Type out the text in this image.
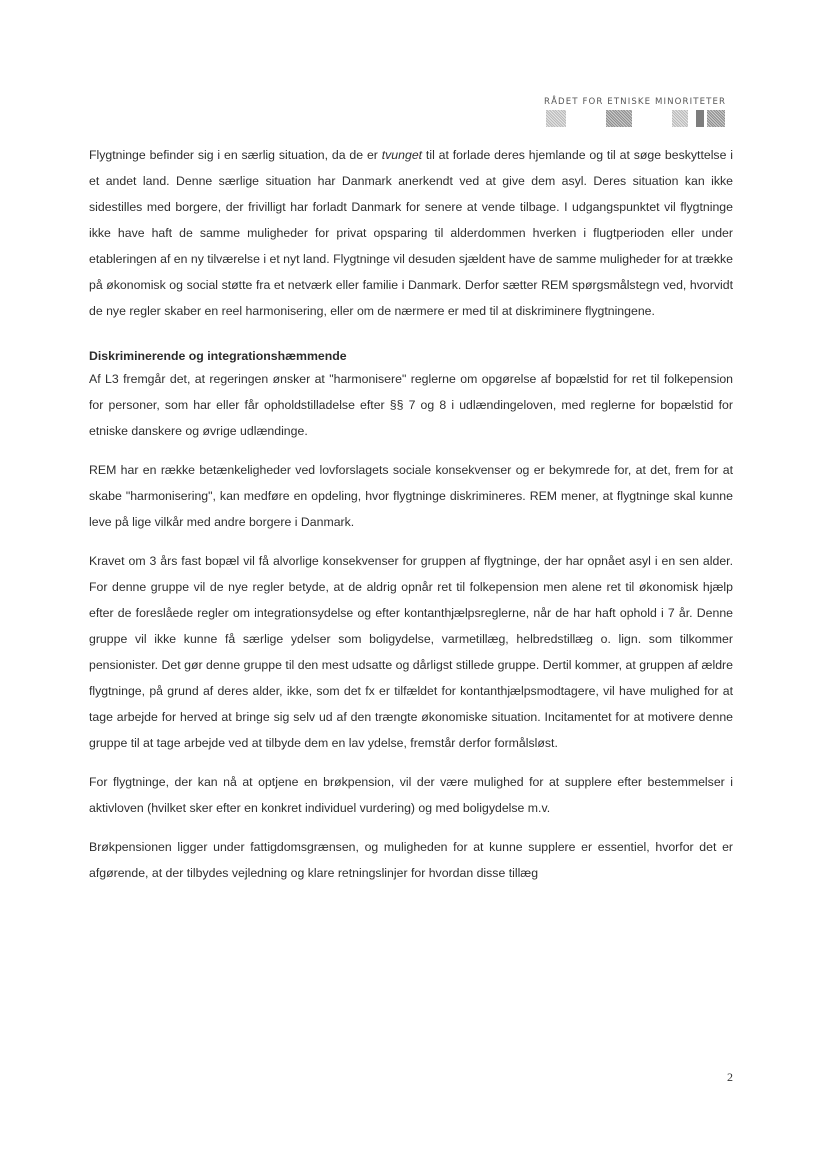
RÅDET FOR ETNISKE MINORITETER

Flygtninge befinder sig i en særlig situation, da de er tvunget til at forlade deres hjemlande og til at søge beskyttelse i et andet land. Denne særlige situation har Danmark anerkendt ved at give dem asyl. Deres situation kan ikke sidestilles med borgere, der frivilligt har forladt Danmark for senere at vende tilbage. I udgangspunktet vil flygtninge ikke have haft de samme muligheder for privat opsparing til alderdommen hverken i flugtperioden eller under etableringen af en ny tilværelse i et nyt land. Flygtninge vil desuden sjældent have de samme muligheder for at trække på økonomisk og social støtte fra et netværk eller familie i Danmark. Derfor sætter REM spørgsmålstegn ved, hvorvidt de nye regler skaber en reel harmonisering, eller om de nærmere er med til at diskriminere flygtningene.

Diskriminerende og integrationshæmmende

Af L3 fremgår det, at regeringen ønsker at "harmonisere" reglerne om opgørelse af bopælstid for ret til folkepension for personer, som har eller får opholdstilladelse efter §§ 7 og 8 i udlændingeloven, med reglerne for bopælstid for etniske danskere og øvrige udlændinge.

REM har en række betænkeligheder ved lovforslagets sociale konsekvenser og er bekymrede for, at det, frem for at skabe "harmonisering", kan medføre en opdeling, hvor flygtninge diskrimineres. REM mener, at flygtninge skal kunne leve på lige vilkår med andre borgere i Danmark.

Kravet om 3 års fast bopæl vil få alvorlige konsekvenser for gruppen af flygtninge, der har opnået asyl i en sen alder. For denne gruppe vil de nye regler betyde, at de aldrig opnår ret til folkepension men alene ret til økonomisk hjælp efter de foreslåede regler om integrationsydelse og efter kontanthjælpsreglerne, når de har haft ophold i 7 år. Denne gruppe vil ikke kunne få særlige ydelser som boligydelse, varmetillæg, helbredstillæg o. lign. som tilkommer pensionister. Det gør denne gruppe til den mest udsatte og dårligst stillede gruppe. Dertil kommer, at gruppen af ældre flygtninge, på grund af deres alder, ikke, som det fx er tilfældet for kontanthjælpsmodtagere, vil have mulighed for at tage arbejde for herved at bringe sig selv ud af den trængte økonomiske situation. Incitamentet for at motivere denne gruppe til at tage arbejde ved at tilbyde dem en lav ydelse, fremstår derfor formålsløst.

For flygtninge, der kan nå at optjene en brøkpension, vil der være mulighed for at supplere efter bestemmelser i aktivloven (hvilket sker efter en konkret individuel vurdering) og med boligydelse m.v.

Brøkpensionen ligger under fattigdomsgrænsen, og muligheden for at kunne supplere er essentiel, hvorfor det er afgørende, at der tilbydes vejledning og klare retningslinjer for hvordan disse tillæg

2
